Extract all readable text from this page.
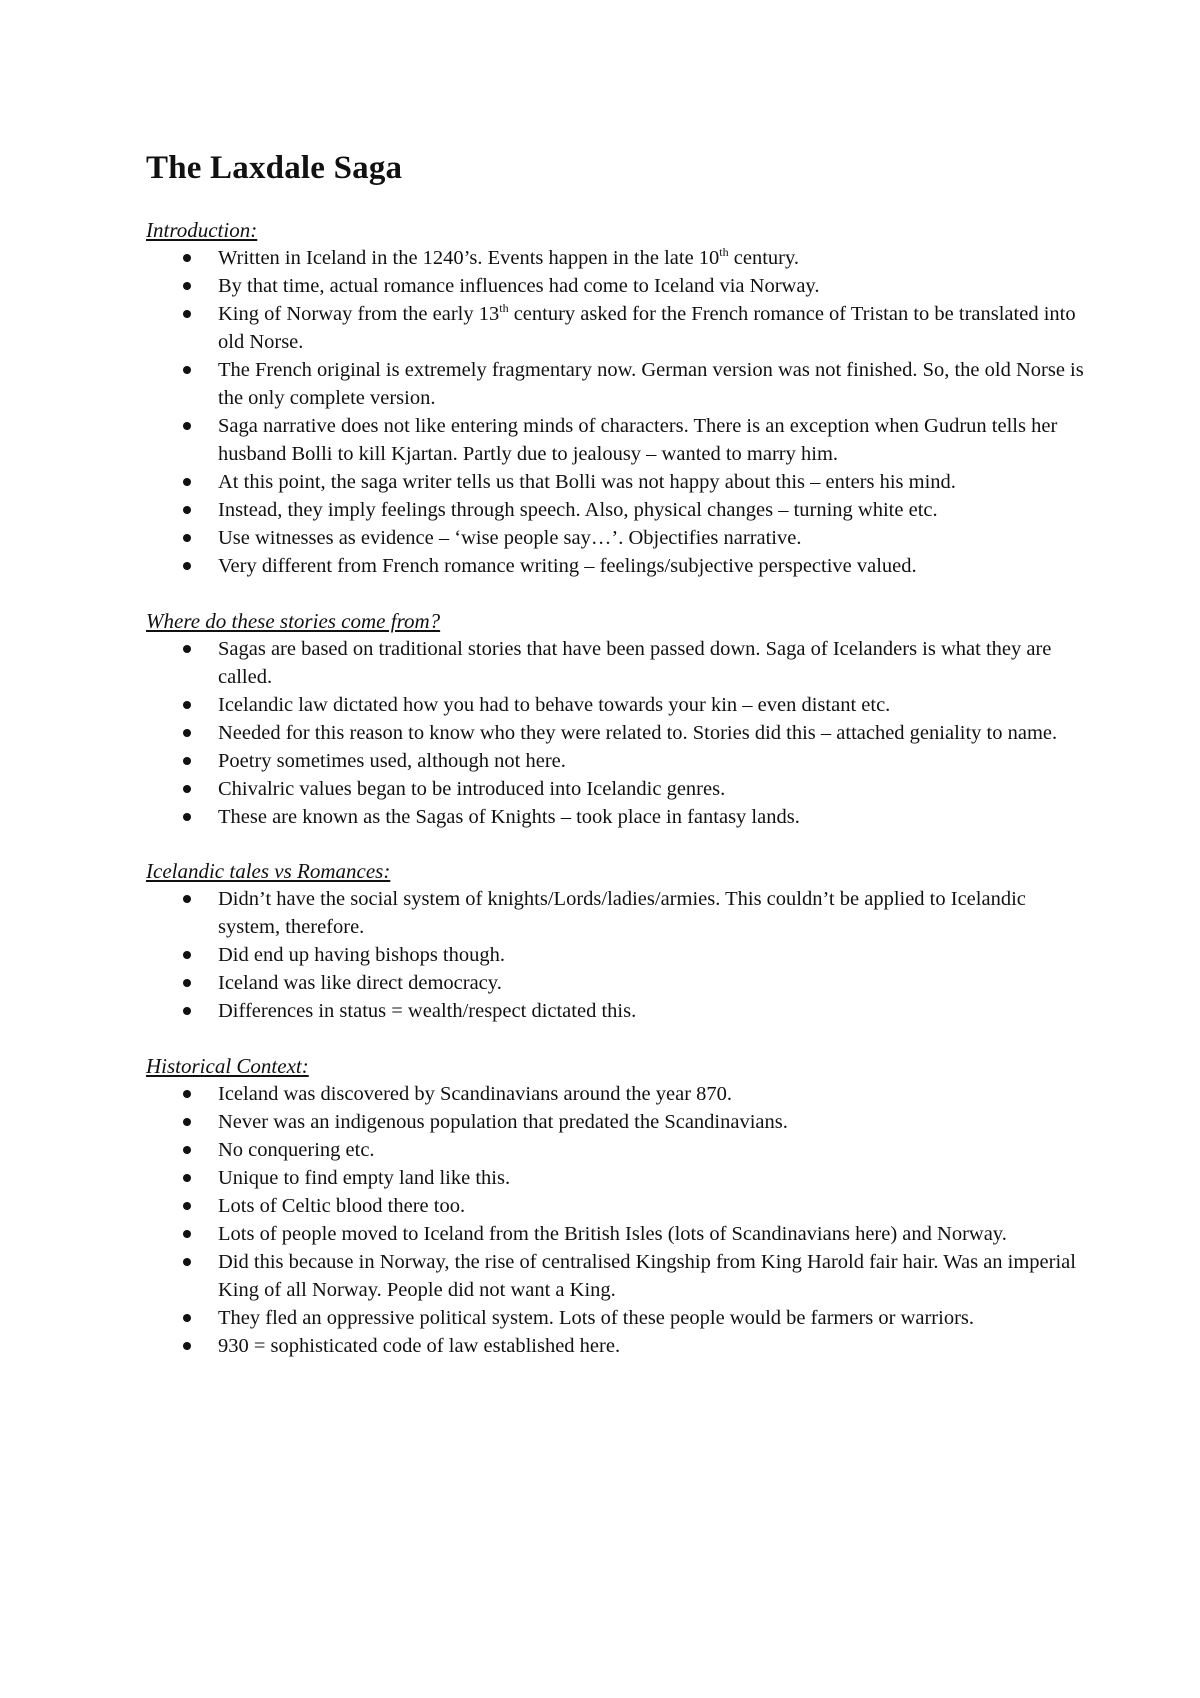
The Laxdale Saga
Introduction:
Written in Iceland in the 1240’s. Events happen in the late 10th century.
By that time, actual romance influences had come to Iceland via Norway.
King of Norway from the early 13th century asked for the French romance of Tristan to be translated into old Norse.
The French original is extremely fragmentary now. German version was not finished. So, the old Norse is the only complete version.
Saga narrative does not like entering minds of characters. There is an exception when Gudrun tells her husband Bolli to kill Kjartan. Partly due to jealousy – wanted to marry him.
At this point, the saga writer tells us that Bolli was not happy about this – enters his mind.
Instead, they imply feelings through speech. Also, physical changes – turning white etc.
Use witnesses as evidence – ‘wise people say…’. Objectifies narrative.
Very different from French romance writing – feelings/subjective perspective valued.
Where do these stories come from?
Sagas are based on traditional stories that have been passed down. Saga of Icelanders is what they are called.
Icelandic law dictated how you had to behave towards your kin – even distant etc.
Needed for this reason to know who they were related to. Stories did this – attached geniality to name.
Poetry sometimes used, although not here.
Chivalric values began to be introduced into Icelandic genres.
These are known as the Sagas of Knights – took place in fantasy lands.
Icelandic tales vs Romances:
Didn’t have the social system of knights/Lords/ladies/armies. This couldn’t be applied to Icelandic system, therefore.
Did end up having bishops though.
Iceland was like direct democracy.
Differences in status = wealth/respect dictated this.
Historical Context:
Iceland was discovered by Scandinavians around the year 870.
Never was an indigenous population that predated the Scandinavians.
No conquering etc.
Unique to find empty land like this.
Lots of Celtic blood there too.
Lots of people moved to Iceland from the British Isles (lots of Scandinavians here) and Norway.
Did this because in Norway, the rise of centralised Kingship from King Harold fair hair. Was an imperial King of all Norway. People did not want a King.
They fled an oppressive political system. Lots of these people would be farmers or warriors.
930 = sophisticated code of law established here.
